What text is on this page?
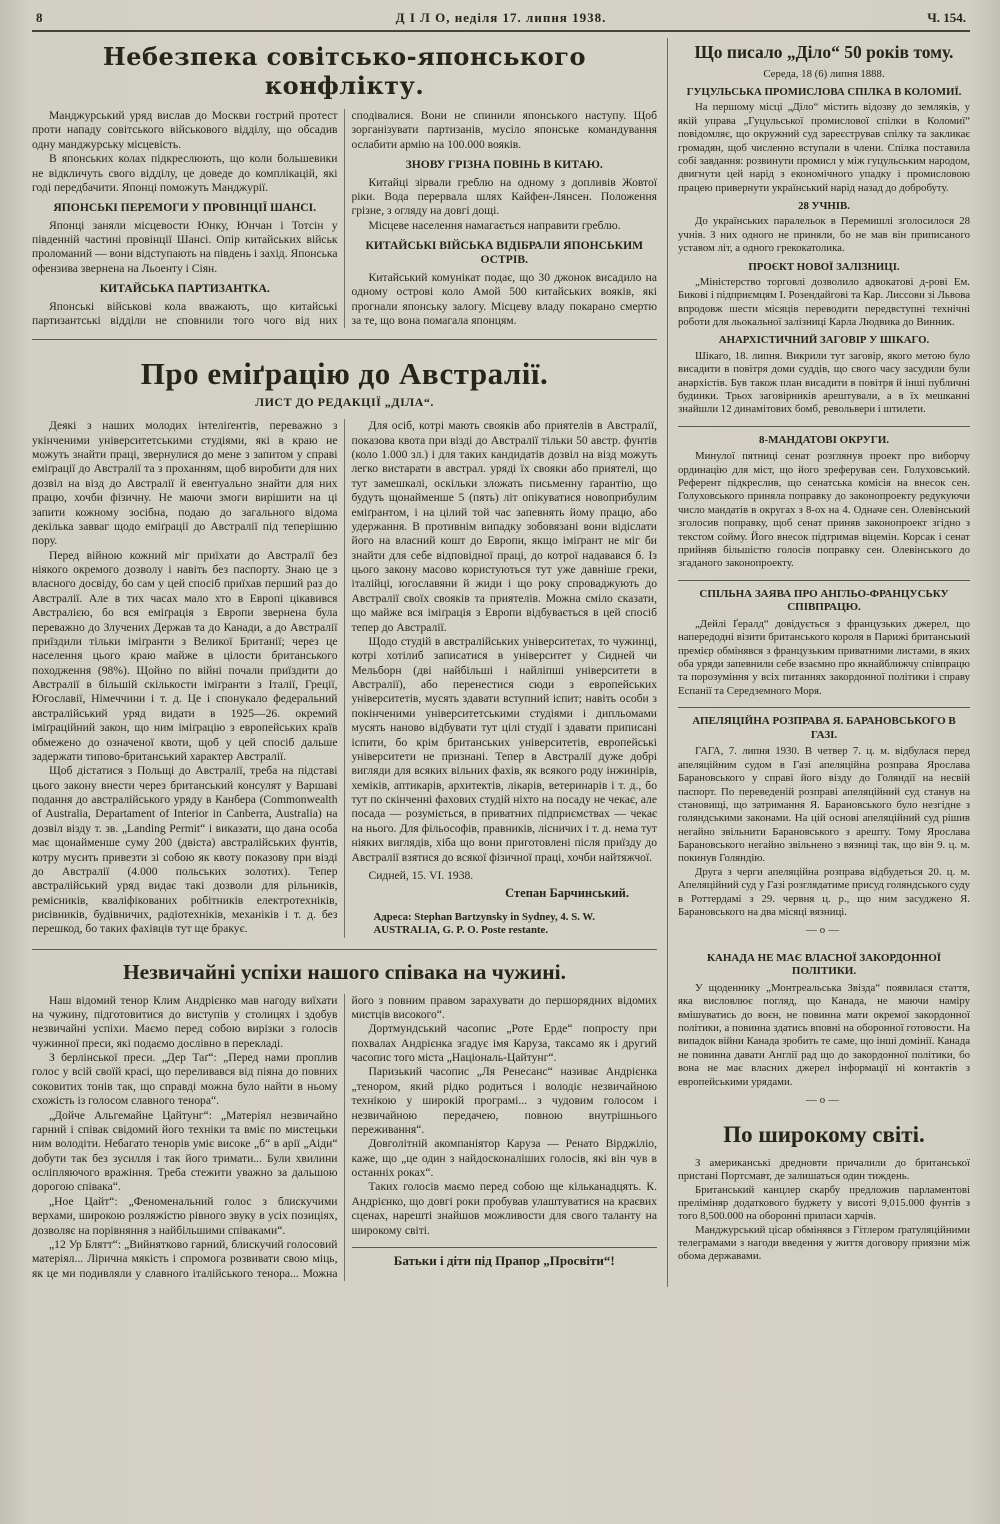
8	Д І Л О, неділя 17. липня 1938.	Ч. 154.
Небезпека совітсько-японського конфлікту.

Манджурський уряд вислав до Москви гострий протест проти нападу совітського військового відділу, що обсадив одну манджурську місцевість.

В японських колах підкреслюють, що коли большевики не відкличуть свого відділу, це доведе до комплікацій, які годі передбачити. Японці поможуть Манджурії.

ЯПОНСЬКІ ПЕРЕМОГИ У ПРОВІНЦІЇ ШАНСІ.

Японці заняли місцевости Юнку, Юнчан і Тотсін у південній частині провінції Шансі. Опір китайських військ проломаний — вони відступають на південь і захід. Японська офензива звернена на Льоенту і Сіян.

КИТАЙСЬКА ПАРТИЗАНТКА.

Японські військові кола вважають, що китайські партизантські відділи не сповнили того чого від них сподівалися. Вони не спинили японського наступу. Щоб зорганізувати партизанів, мусіло японське командування ослабити армію на 100.000 вояків.

ЗНОВУ ГРІЗНА ПОВІНЬ В КИТАЮ.

Китайці зірвали греблю на одному з допливів Жовтої ріки. Вода перервала шлях Кайфен-Лянсен. Положення грізне, з огляду на довгі дощі.

Місцеве населення намагається направити греблю.

КИТАЙСЬКІ ВІЙСЬКА ВІДІБРАЛИ ЯПОНСЬКИМ ОСТРІВ.

Китайський комунікат подає, що 30 джонок висадило на одному острові коло Амой 500 китайських вояків, які прогнали японську залогу. Місцеву владу покарано смертю за те, що вона помагала японцям.

Про еміґрацію до Австралії.
ЛИСТ ДО РЕДАКЦІЇ „ДІЛА“.

Деякі з наших молодих інтеліґентів, переважно з укінченими університетськими студіями, які в краю не можуть знайти праці, звернулися до мене з запитом у справі еміґрації до Австралії та з проханням, щоб виробити для них дозвіл на візд до Австралії й евентуально знайти для них працю, хочби фізичну. Не маючи змоги вирішити на ці запити кожному зосібна, подаю до загального відома декілька завваг щодо еміґрації до Австралії під теперішню пору.

Перед війною кожний міг приїхати до Австралії без ніякого окремого дозволу і навіть без паспорту. Знаю це з власного досвіду, бо сам у цей спосіб приїхав перший раз до Австралії. Але в тих часах мало хто в Европі цікавився Австралією, бо вся еміґрація з Европи звернена була переважно до Злучених Держав та до Канади, а до Австралії приїздили тільки іміґранти з Великої Британії; через це населення цього краю майже в цілости британського походження (98%). Щойно по війні почали приїздити до Австралії в більшій скількости іміґранти з Італії, Греції, Югославії, Німеччини і т. д. Це і спонукало федеральний австралійський уряд видати в 1925—26. окремий іміґраційний закон, що ним іміґрацію з европейських країв обмежено до означеної квоти, щоб у цей спосіб дальше задержати типово-британський характер Австралії.

Щоб дістатися з Польщі до Австралії, треба на підставі цього закону внести через британський консулят у Варшаві подання до австралійського уряду в Канбера (Commonwealth of Australia, Departament of Interior in Canberra, Australia) на дозвіл візду т. зв. „Landing Permit“ і виказати, що дана особа має щонайменше суму 200 (двіста) австралійських фунтів, котру мусить привезти зі собою як квоту показову при візді до Австралії (4.000 польських золотих). Тепер австралійський уряд видає такі дозволи для рільників, ремісників, кваліфікованих робітників електротехніків, рисівників, будівничих, радіотехніків, механіків і т. д. без перешкод, бо таких фахівців тут ще бракує.

Для осіб, котрі мають свояків або приятелів в Австралії, показова квота при візді до Австралії тільки 50 австр. фунтів (коло 1.000 зл.) і для таких кандидатів дозвіл на візд можуть легко вистарати в австрал. уряді їх свояки або приятелі, що тут замешкалі, оскільки зложать письменну ґарантію, що будуть щонайменше 5 (пять) літ опікуватися новоприбулим еміґрантом, і на цілий той час запевнять йому працю, або удержання. В противнім випадку зобовязані вони відіслати його на власний кошт до Европи, якщо іміґрант не міг би знайти для себе відповідної праці, до котрої надавався б. Із цього закону масово користуються тут уже давніше греки, італійці, югославяни й жиди і що року спроваджують до Австралії своїх свояків та приятелів. Можна сміло сказати, що майже вся іміґрація з Европи відбувається в цей спосіб тепер до Австралії.

Щодо студій в австралійських університетах, то чужинці, котрі хотілиб записатися в університет у Сидней чи Мельборн (дві найбільші і найліпші університети в Австралії), або перенестися сюди з европейських університетів, мусять здавати вступний іспит; навіть особи з покінченими університетськими студіями і дипльомами мусять наново відбувати тут цілі студії і здавати приписані іспити, бо крім британських університетів, европейські університети не признані. Тепер в Австралії дуже добрі вигляди для всяких вільних фахів, як всякого роду інжинірів, хеміків, аптикарів, архитектів, лікарів, ветеринарів і т. д., бо тут по скінченні фахових студій ніхто на посаду не чекає, але посада — розуміється, в приватних підприємствах — чекає на нього. Для фільософів, правників, лісничих і т. д. нема тут ніяких виглядів, хіба що вони приготовлені після приїзду до Австралії взятися до всякої фізичної праці, хочби найтяжчої.

Сидней, 15. VI. 1938.

Степан Барчинський.

Адреса: Stephan Bartzynsky in Sydney, 4. S. W. AUSTRALIA, G. P. O. Poste restante.

Незвичайні успіхи нашого співака на чужині.

Наш відомий тенор Клим Андрієнко мав нагоду виїхати на чужину, підготовитися до виступів у столицях і здобув незвичайні успіхи. Маємо перед собою вирізки з голосів чужинної преси, які подаємо дослівно в перекладі.

З берлінської преси. „Дер Таґ“: „Перед нами проплив голос у всій своїй красі, що переливався від піяна до повних соковитих тонів так, що справді можна було найти в ньому схожість із голосом славного тенора“.

„Дойче Альгемайне Цайтунг“: „Матеріял незвичайно гарний і співак свідомий його техніки та вміє по мистецьки ним володіти. Небагато тенорів уміє високе „б“ в арії „Аіди“ добути так без зусилля і так його тримати... Були хвилини осліпляючого вражіння. Треба стежити уважно за дальшою дорогою співака“.

„Ное Цайт“: „Феноменальний голос з блискучими верхами, широкою розляжістю рівного звуку в усіх позиціях, дозволяє на порівняння з найбільшими співаками“.

„12 Ур Блятт“: „Вийнятково гарний, блискучий голосовий матеріял... Лірична мякість і спромога розвивати свою міць, як це ми подивляли у славного італійського тенора... Можна його з повним правом зарахувати до першорядних відомих мистців високого“.

Дортмундський часопис „Роте Ерде“ попросту при похвалах Андрієнка згадує імя Каруза, таксамо як і другий часопис того міста „Національ-Цайтунг“.

Паризький часопис „Ля Ренесанс“ називає Андрієнка „тенором, який рідко родиться і володіє незвичайною технікою у широкій програмі... з чудовим голосом і незвичайною передачею, повною внутрішнього переживання“.

Довголітній акомпаніятор Каруза — Ренато Вірджіліо, каже, що „це один з найдосконаліших голосів, які він чув в останніх роках“.

Таких голосів маємо перед собою ще кільканадцять. К. Андрієнко, що довгі роки пробував улаштуватися на краєвих сценах, нарешті знайшов можливости для свого таланту на широкому світі.

Батьки і діти під Прапор „Просвіти“!
Що писало „Діло“ 50 років тому.
Середа, 18 (6) липня 1888.
ГУЦУЛЬСЬКА ПРОМИСЛОВА СПІЛКА В КОЛОМИЇ.

На першому місці „Діло“ містить відозву до земляків, у якій управа „Гуцульської промислової спілки в Коломиї“ повідомляє, що окружний суд зареєстрував спілку та закликає громадян, щоб численно вступали в члени. Спілка поставила собі завдання: розвинути промисл у між гуцульським народом, двигнути цей нарід з економічного упадку і промисловою працею привернути український нарід назад до добробуту.

28 УЧНІВ.

До українських паралельок в Перемишлі зголосилося 28 учнів. З них одного не приняли, бо не мав він приписаного уставом літ, а одного грекокатолика.

ПРОЄКТ НОВОЇ ЗАЛІЗНИЦІ.

„Міністерство торговлі дозволило адвокатові д-рові Ем. Бикові і підприємцям І. Розендайгові та Кар. Лиссови зі Львова впродовж шести місяців переводити передвступні технічні роботи для льокальної залізниці Карла Людвика до Винник.

АНАРХІСТИЧНИЙ ЗАГОВІР У ШІКАГО.

Шікаго, 18. липня. Викрили тут заговір, якого метою було висадити в повітря доми суддів, що свого часу засудили були анархістів. Був також план висадити в повітря й інші публичні будинки. Трьох заговірників арештували, а в їх мешканні знайшли 12 динамітових бомб, револьвери і штилети.

8-МАНДАТОВІ ОКРУГИ.

Минулої пятниці сенат розглянув проект про виборчу ординацію для міст, що його зреферував сен. Голуховський. Референт підкреслив, що сенатська комісія на внесок сен. Голуховського приняла поправку до законопроекту редукуючи число мандатів в округах з 8-ох на 4. Одначе сен. Олевінський зголосив поправку, щоб сенат приняв законопроект згідно з текстом сойму. Його внесок підтримав віцемін. Корсак і сенат прийняв більшістю голосів поправку сен. Олевінського до згаданого законопроекту.

СПІЛЬНА ЗАЯВА ПРО АНГЛЬО-ФРАНЦУСЬКУ СПІВПРАЦЮ.

„Дейлі Ґералд“ довідується з французьких джерел, що напередодні візити британського короля в Парижі британський премієр обмінявся з французьким приватними листами, в яких оба уряди запевнили себе взаємно про якнайближчу співпрацю та порозуміння у всіх питаннях закордонної політики і справу Еспанії та Середземного Моря.

АПЕЛЯЦІЙНА РОЗПРАВА Я. БАРАНОВСЬКОГО В ГАЗІ.

ГАГА, 7. липня 1930. В четвер 7. ц. м. відбулася перед апеляційним судом в Газі апеляційна розправа Ярослава Барановського у справі його візду до Голяндії на несвій паспорт. По переведеній розправі апеляційний суд станув на становищі, що затримання Я. Барановського було незгідне з голяндськими законами. На цій основі апеляційний суд рішив негайно звільнити Барановського з арешту. Тому Ярослава Барановського негайно звільнено з вязниці так, що він 9. ц. м. покинув Голяндію.

Друга з черги апеляційна розправа відбудеться 20. ц. м. Апеляційний суд у Газі розглядатиме присуд голяндського суду в Роттердамі з 29. червня ц. р., що ним засуджено Я. Барановського на два місяці вязниці.

—о—
КАНАДА НЕ МАЄ ВЛАСНОЇ ЗАКОРДОННОЇ ПОЛІТИКИ.

У щоденнику „Монтреальська Звізда“ появилася стаття, яка висловлює погляд, що Канада, не маючи наміру вмішуватись до воєн, не повинна мати окремої закордонної політики, а повинна здатись вповні на оборонної готовости. На випадок війни Канада зробить те саме, що інші домінії. Канада не повинна давати Англії рад що до закордонної політики, бо вона не має власних джерел інформації ні контактів з европейськими урядами.

—о—
По широкому світі.

З американські дредновти причалили до британської пристані Портсмавт, де залишаться один тиждень.

Британський канцлер скарбу предложив парламентові преліміняр додаткового буджету у висоті 9,015.000 фунтів з того 8,500.000 на оборонні припаси харчів.

Манджурський цісар обмінявся з Гітлером ґратуляційними телеграмами з нагоди введення у життя договору приязни між обома державами.
